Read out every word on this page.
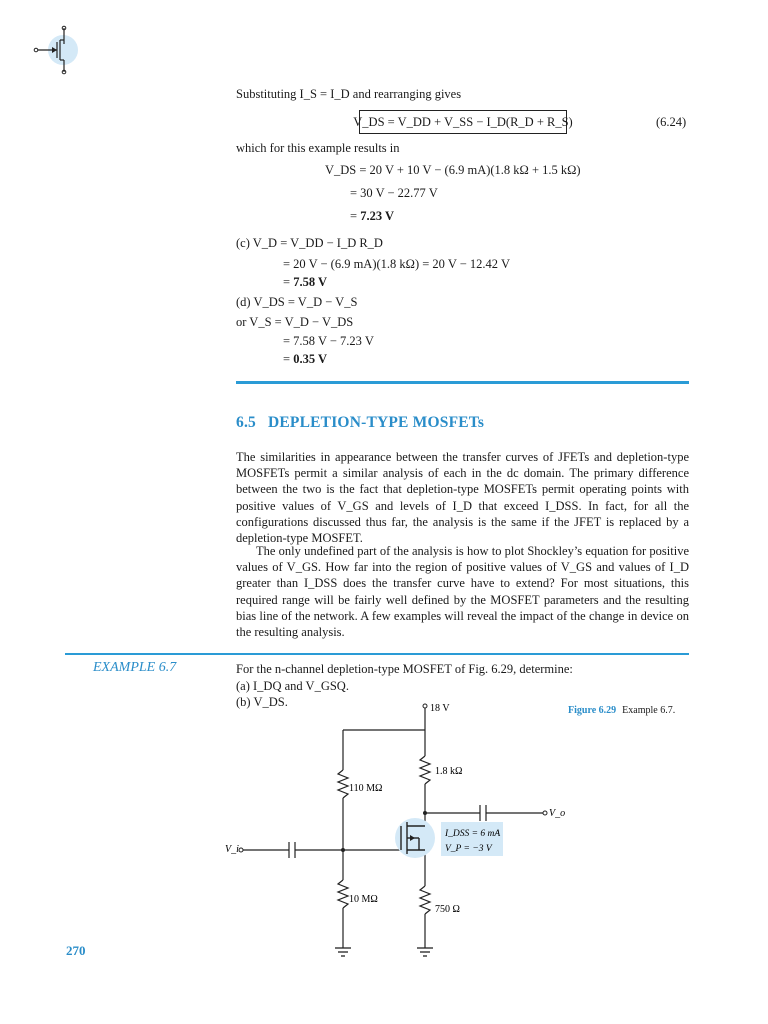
Substituting I_S = I_D and rearranging gives
V_DS = V_DD + V_SS − I_D(R_D + R_S)	(6.24)
which for this example results in
V_DS = 20 V + 10 V − (6.9 mA)(1.8 kΩ + 1.5 kΩ)
= 30 V − 22.77 V
= 7.23 V
(c) V_D = V_DD − I_D R_D
= 20 V − (6.9 mA)(1.8 kΩ) = 20 V − 12.42 V
= 7.58 V
(d) V_DS = V_D − V_S
or V_S = V_D − V_DS
= 7.58 V − 7.23 V
= 0.35 V
6.5 DEPLETION-TYPE MOSFETs
The similarities in appearance between the transfer curves of JFETs and depletion-type MOSFETs permit a similar analysis of each in the dc domain. The primary difference between the two is the fact that depletion-type MOSFETs permit operating points with positive values of V_GS and levels of I_D that exceed I_DSS. In fact, for all the configurations discussed thus far, the analysis is the same if the JFET is replaced by a depletion-type MOSFET.
The only undefined part of the analysis is how to plot Shockley’s equation for positive values of V_GS. How far into the region of positive values of V_GS and values of I_D greater than I_DSS does the transfer curve have to extend? For most situations, this required range will be fairly well defined by the MOSFET parameters and the resulting bias line of the network. A few examples will reveal the impact of the change in device on the resulting analysis.
EXAMPLE 6.7	For the n-channel depletion-type MOSFET of Fig. 6.29, determine:
(a) I_DQ and V_GSQ.
(b) V_DS.
Figure 6.29 Example 6.7.
18 V
1.8 kΩ
110 MΩ
10 MΩ
750 Ω
V_o
V_i
I_DSS = 6 mA
V_P = −3 V
270
